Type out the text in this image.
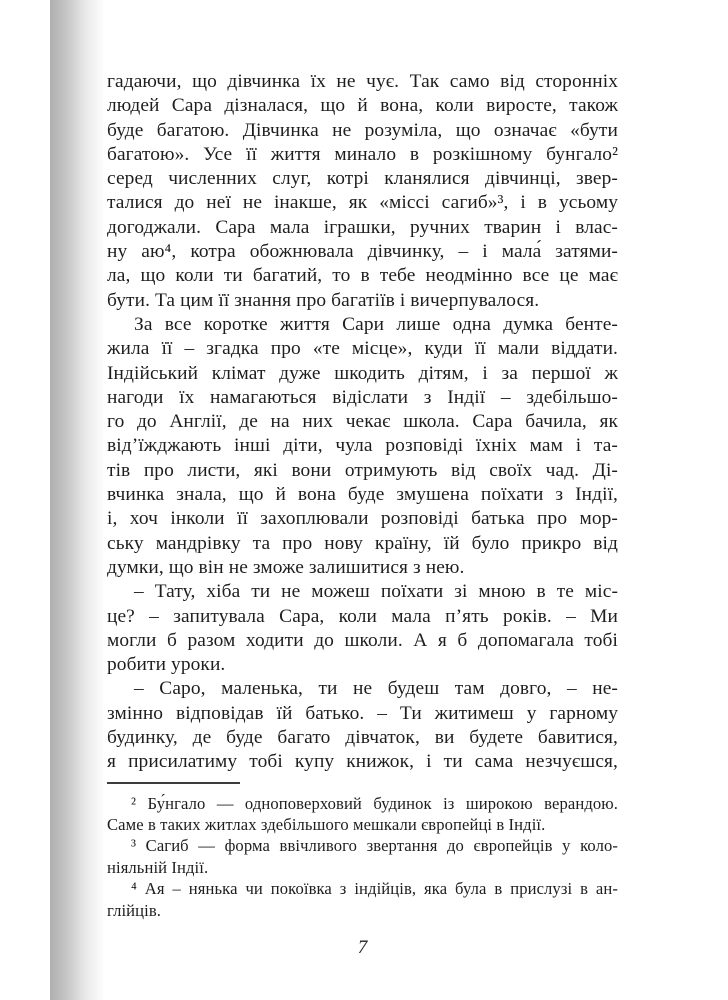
гадаючи, що дівчинка їх не чує. Так само від сторонніх
людей Сара дізналася, що й вона, коли виросте, також
буде багатою. Дівчинка не розуміла, що означає «бути
багатою». Усе її життя минало в розкішному бунгало²
серед численних слуг, котрі кланялися дівчинці, звер-
талися до неї не інакше, як «міссі сагиб»³, і в усьому
догоджали. Сара мала іграшки, ручних тварин і влас-
ну аю⁴, котра обожнювала дівчинку, – і мала́ затями-
ла, що коли ти багатий, то в тебе неодмінно все це має
бути. Та цим її знання про багатіїв і вичерпувалося.
За все коротке життя Сари лише одна думка бенте-
жила її – згадка про «те місце», куди її мали віддати.
Індійський клімат дуже шкодить дітям, і за першої ж
нагоди їх намагаються відіслати з Індії – здебільшо-
го до Англії, де на них чекає школа. Сара бачила, як
від’їжджають інші діти, чула розповіді їхніх мам і та-
тів про листи, які вони отримують від своїх чад. Ді-
вчинка знала, що й вона буде змушена поїхати з Індії,
і, хоч інколи її захоплювали розповіді батька про мор-
ську мандрівку та про нову країну, їй було прикро від
думки, що він не зможе залишитися з нею.
– Тату, хіба ти не можеш поїхати зі мною в те міс-
це? – запитувала Сара, коли мала п’ять років. – Ми
могли б разом ходити до школи. А я б допомагала тобі
робити уроки.
– Саро, маленька, ти не будеш там довго, – не-
змінно відповідав їй батько. – Ти житимеш у гарному
будинку, де буде багато дівчаток, ви будете бавитися,
я присилатиму тобі купу книжок, і ти сама незчуєшся,
² Бу́нгало — одноповерховий будинок із широкою верандою.
Саме в таких житлах здебільшого мешкали європейці в Індії.
³ Сагиб — форма ввічливого звертання до європейців у коло-
ніяльній Індії.
⁴ Ая – нянька чи покоївка з індійців, яка була в прислузі в ан-
глійців.
7
